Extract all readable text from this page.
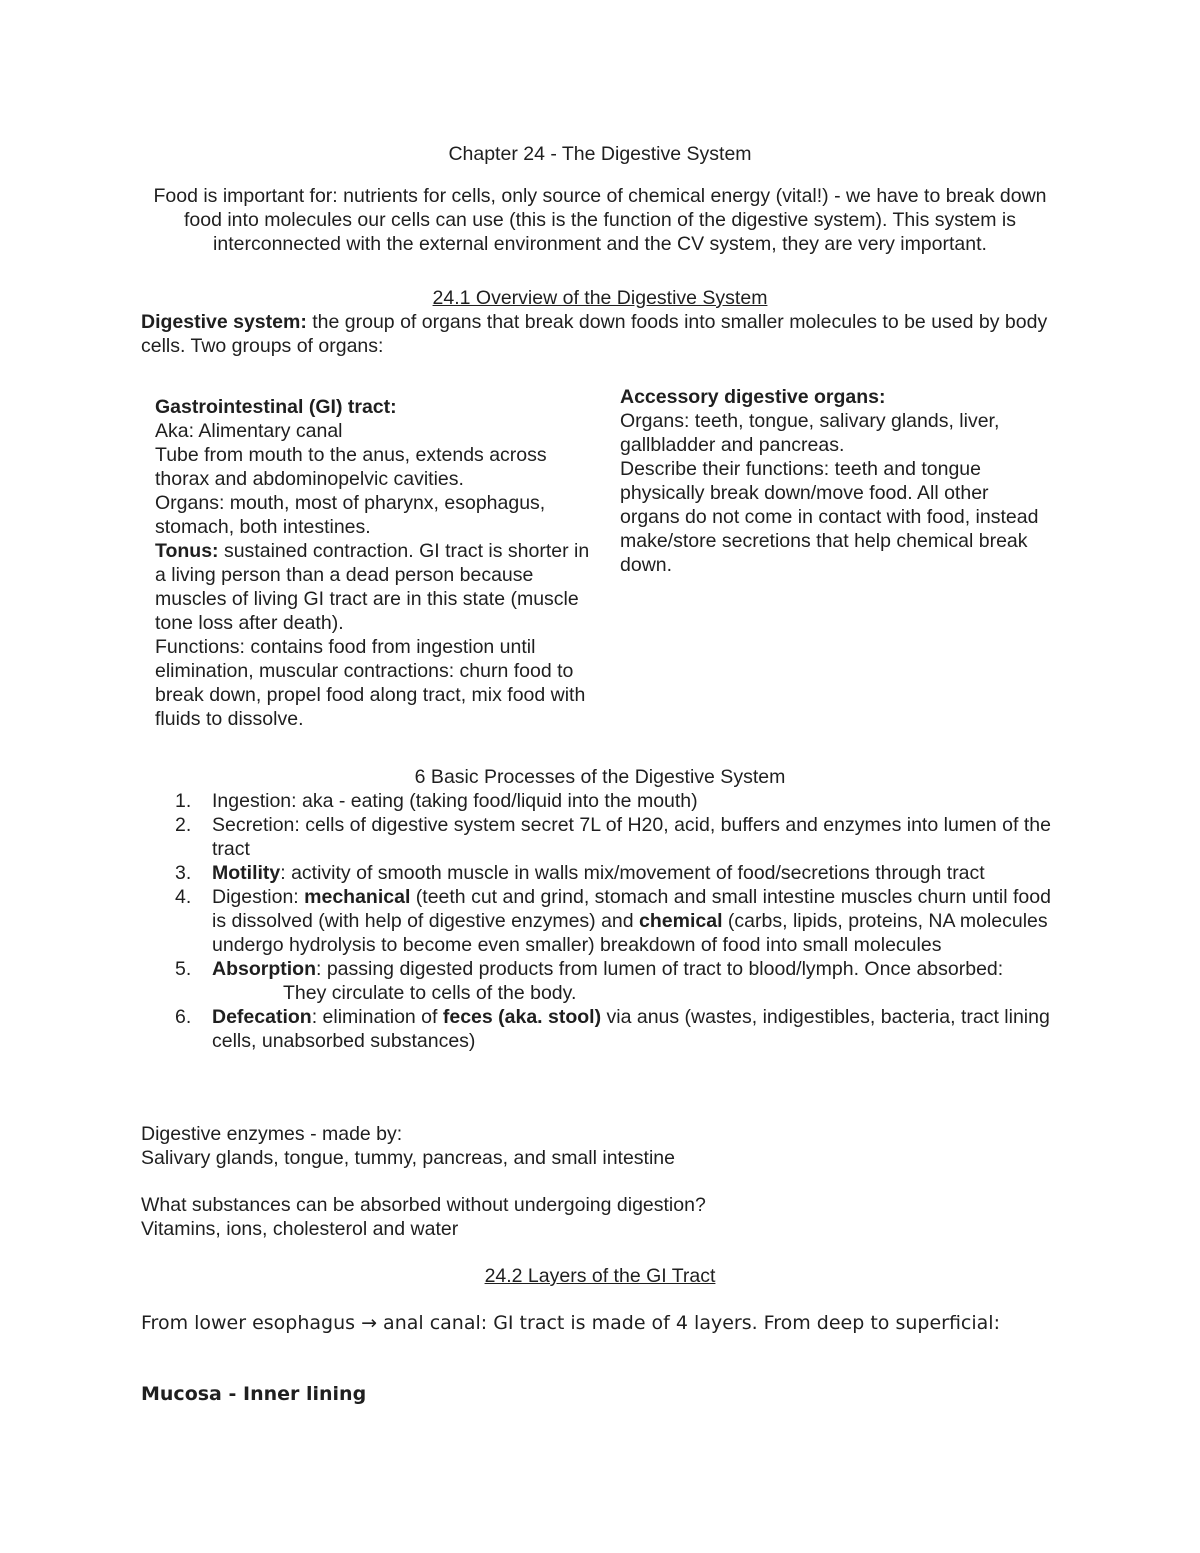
Chapter 24 - The Digestive System

Food is important for: nutrients for cells, only source of chemical energy (vital!) - we have to break down food into molecules our cells can use (this is the function of the digestive system). This system is interconnected with the external environment and the CV system, they are very important.

24.1 Overview of the Digestive System

Digestive system: the group of organs that break down foods into smaller molecules to be used by body cells. Two groups of organs:

Gastrointestinal (GI) tract:
Aka: Alimentary canal
Tube from mouth to the anus, extends across thorax and abdominopelvic cavities.
Organs: mouth, most of pharynx, esophagus, stomach, both intestines.
Tonus: sustained contraction. GI tract is shorter in a living person than a dead person because muscles of living GI tract are in this state (muscle tone loss after death).
Functions: contains food from ingestion until elimination, muscular contractions: churn food to break down, propel food along tract, mix food with fluids to dissolve.
Accessory digestive organs:
Organs: teeth, tongue, salivary glands, liver, gallbladder and pancreas.
Describe their functions: teeth and tongue physically break down/move food. All other organs do not come in contact with food, instead make/store secretions that help chemical break down.
6 Basic Processes of the Digestive System
1. Ingestion: aka - eating (taking food/liquid into the mouth)
2. Secretion: cells of digestive system secret 7L of H20, acid, buffers and enzymes into lumen of the tract
3. Motility: activity of smooth muscle in walls mix/movement of food/secretions through tract
4. Digestion: mechanical (teeth cut and grind, stomach and small intestine muscles churn until food is dissolved (with help of digestive enzymes) and chemical (carbs, lipids, proteins, NA molecules undergo hydrolysis to become even smaller) breakdown of food into small molecules
5. Absorption: passing digested products from lumen of tract to blood/lymph. Once absorbed:
They circulate to cells of the body.
6. Defecation: elimination of feces (aka. stool) via anus (wastes, indigestibles, bacteria, tract lining cells, unabsorbed substances)
Digestive enzymes - made by:
Salivary glands, tongue, tummy, pancreas, and small intestine
What substances can be absorbed without undergoing digestion?
Vitamins, ions, cholesterol and water
24.2 Layers of the GI Tract

From lower esophagus → anal canal: GI tract is made of 4 layers. From deep to superficial:

Mucosa - Inner lining
